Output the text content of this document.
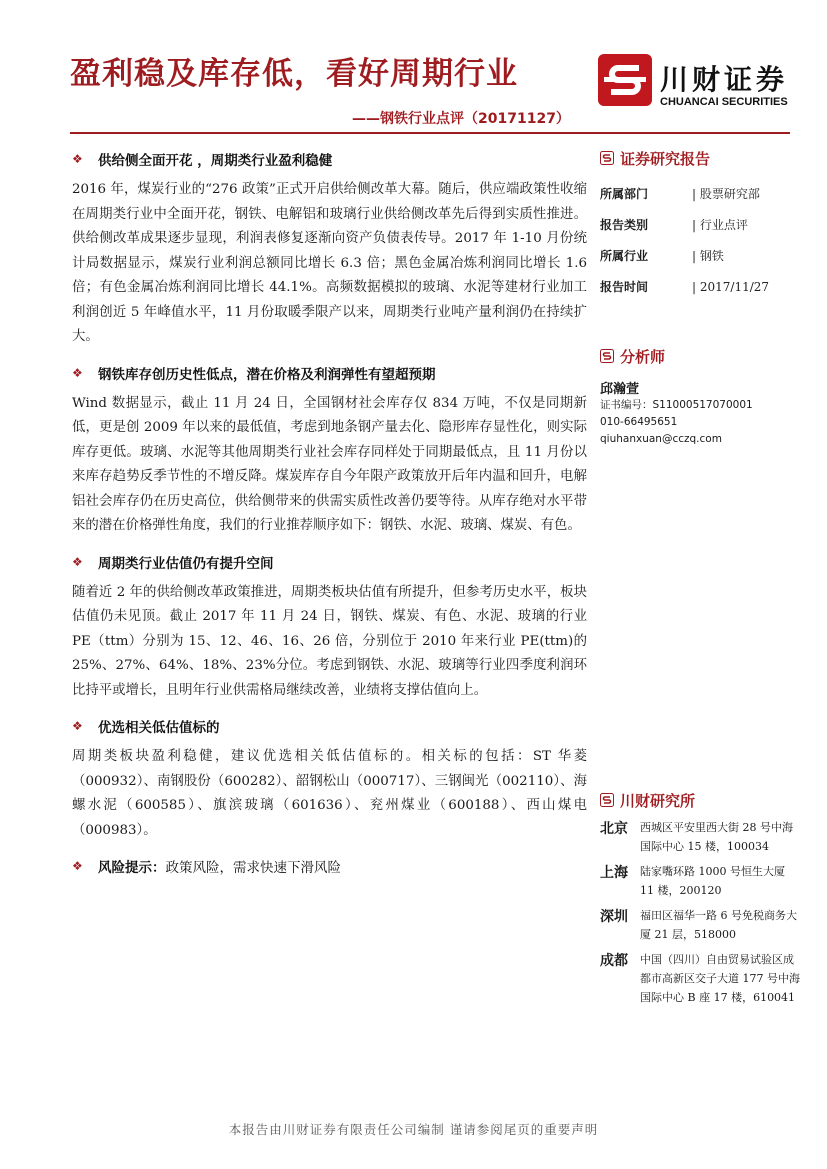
盈利稳及库存低，看好周期行业
——钢铁行业点评（20171127）
川财证券
CHUANCAI SECURITIES
❖ 供给侧全面开花 ，周期类行业盈利稳健

2016 年，煤炭行业的“276 政策”正式开启供给侧改革大幕。随后，供应端政策性收缩在周期类行业中全面开花，钢铁、电解铝和玻璃行业供给侧改革先后得到实质性推进。供给侧改革成果逐步显现，利润表修复逐渐向资产负债表传导。2017 年 1-10 月份统计局数据显示，煤炭行业利润总额同比增长 6.3 倍；黑色金属冶炼利润同比增长 1.6 倍；有色金属冶炼利润同比增长 44.1%。高频数据模拟的玻璃、水泥等建材行业加工利润创近 5 年峰值水平，11 月份取暖季限产以来，周期类行业吨产量利润仍在持续扩大。

❖ 钢铁库存创历史性低点，潜在价格及利润弹性有望超预期

Wind 数据显示，截止 11 月 24 日，全国钢材社会库存仅 834 万吨，不仅是同期新低，更是创 2009 年以来的最低值，考虑到地条钢产量去化、隐形库存显性化，则实际库存更低。玻璃、水泥等其他周期类行业社会库存同样处于同期最低点，且 11 月份以来库存趋势反季节性的不增反降。煤炭库存自今年限产政策放开后年内温和回升，电解铝社会库存仍在历史高位，供给侧带来的供需实质性改善仍要等待。从库存绝对水平带来的潜在价格弹性角度，我们的行业推荐顺序如下：钢铁、水泥、玻璃、煤炭、有色。

❖ 周期类行业估值仍有提升空间

随着近 2 年的供给侧改革政策推进，周期类板块估值有所提升，但参考历史水平，板块估值仍未见顶。截止 2017 年 11 月 24 日，钢铁、煤炭、有色、水泥、玻璃的行业 PE（ttm）分别为 15、12、46、16、26 倍，分别位于 2010 年来行业 PE(ttm)的 25%、27%、64%、18%、23%分位。考虑到钢铁、水泥、玻璃等行业四季度利润环比持平或增长，且明年行业供需格局继续改善，业绩将支撑估值向上。

❖ 优选相关低估值标的

周期类板块盈利稳健，建议优选相关低估值标的。相关标的包括：ST 华菱（000932）、南钢股份（600282）、韶钢松山（000717）、三钢闽光（002110）、海螺水泥（600585）、旗滨玻璃（601636）、兖州煤业（600188）、西山煤电（000983）。

❖ 风险提示： 政策风险，需求快速下滑风险
证券研究报告
所属部门	| 股票研究部
报告类别	| 行业点评
所属行业	| 钢铁
报告时间	| 2017/11/27
分析师
邱瀚萱
证书编号：S11000517070001
010-66495651
qiuhanxuan@cczq.com
川财研究所
北京	西城区平安里西大街 28 号中海国际中心 15 楼，100034
上海	陆家嘴环路 1000 号恒生大厦 11 楼，200120
深圳	福田区福华一路 6 号免税商务大厦 21 层，518000
成都	中国（四川）自由贸易试验区成都市高新区交子大道 177 号中海国际中心 B 座 17 楼，610041
本报告由川财证券有限责任公司编制 谨请参阅尾页的重要声明
